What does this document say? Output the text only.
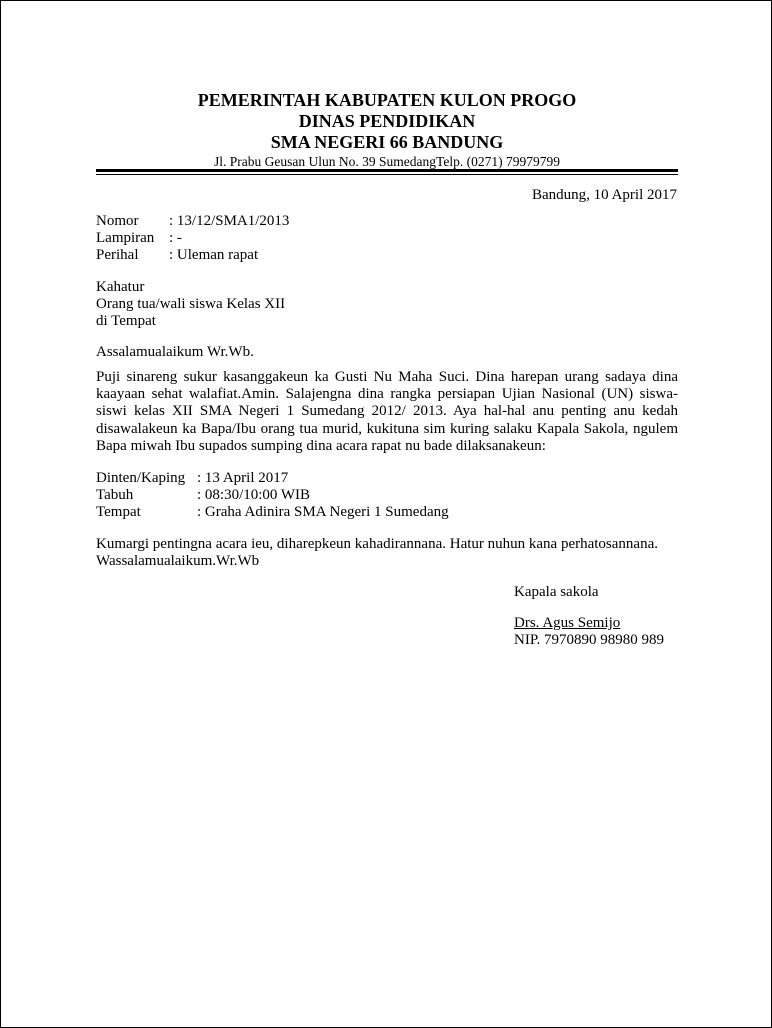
PEMERINTAH KABUPATEN KULON PROGO
DINAS PENDIDIKAN
SMA NEGERI 66 BANDUNG
Jl. Prabu Geusan Ulun No. 39 SumedangTelp. (0271) 79979799
Bandung, 10 April 2017
Nomor : 13/12/SMA1/2013
Lampiran : -
Perihal : Uleman rapat
Kahatur
Orang tua/wali siswa Kelas XII
di Tempat
Assalamualaikum Wr.Wb.
Puji sinareng sukur kasanggakeun ka Gusti Nu Maha Suci. Dina harepan urang sadaya dina
kaayaan sehat walafiat.Amin. Salajengna dina rangka persiapan Ujian Nasional (UN) siswa-
siswi kelas XII SMA Negeri 1 Sumedang 2012/ 2013. Aya hal-hal anu penting anu kedah
disawalakeun ka Bapa/Ibu orang tua murid, kukituna sim kuring salaku Kapala Sakola, ngulem
Bapa miwah Ibu supados sumping dina acara rapat nu bade dilaksanakeun:
Dinten/Kaping : 13 April 2017
Tabuh	: 08:30/10:00 WIB
Tempat	: Graha Adinira SMA Negeri 1 Sumedang
Kumargi pentingna acara ieu, diharepkeun kahadirannana. Hatur nuhun kana perhatosannana.
Wassalamualaikum.Wr.Wb
Kapala sakola
Drs. Agus Semijo
NIP. 7970890 98980 989
